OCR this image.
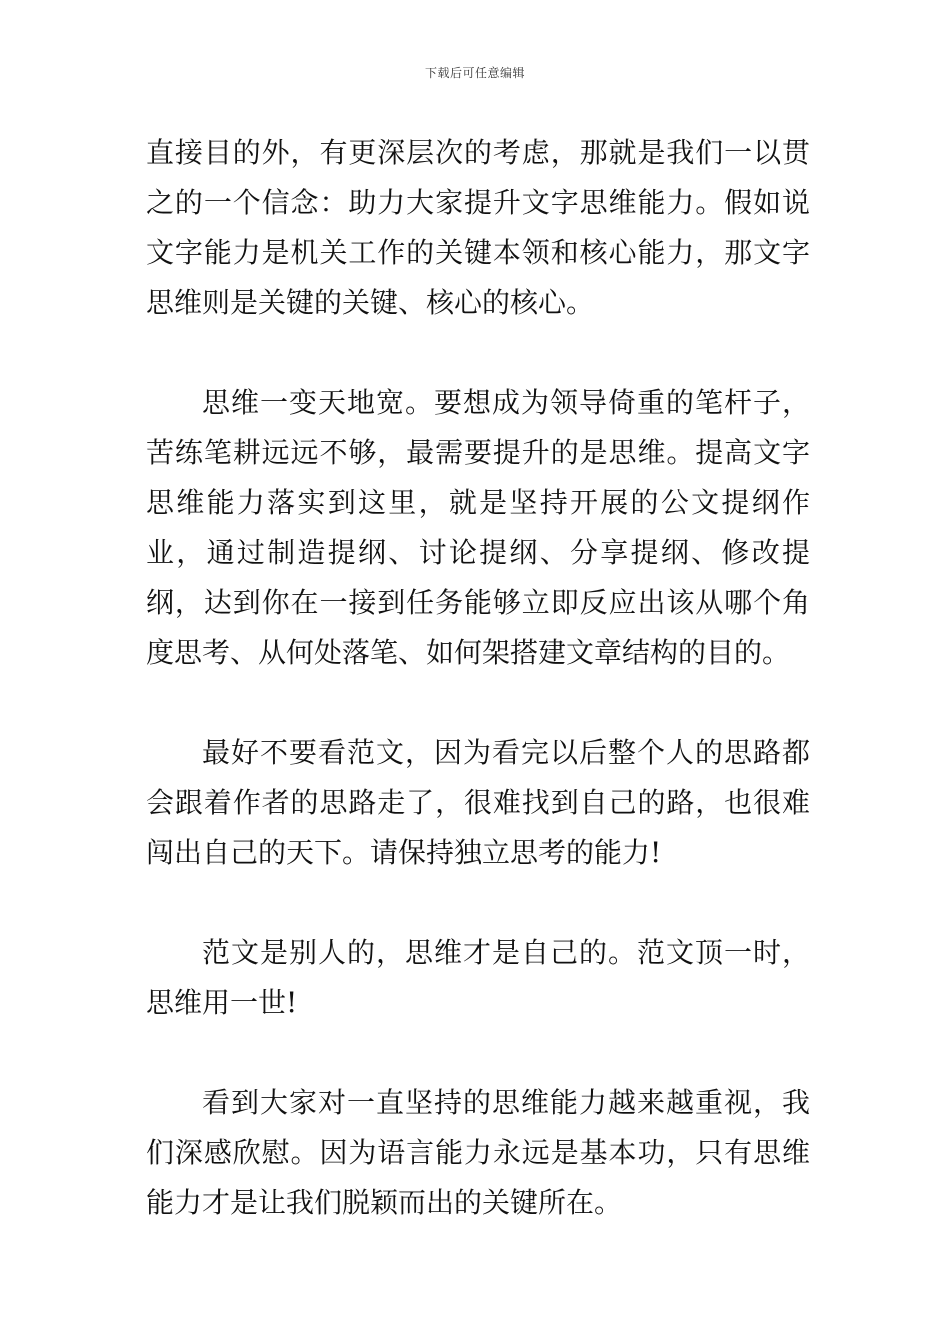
下载后可任意编辑

直接目的外，有更深层次的考虑，那就是我们一以贯之的一个信念：助力大家提升文字思维能力。假如说文字能力是机关工作的关键本领和核心能力，那文字思维则是关键的关键、核心的核心。

思维一变天地宽。要想成为领导倚重的笔杆子，苦练笔耕远远不够，最需要提升的是思维。提高文字思维能力落实到这里，就是坚持开展的公文提纲作业，通过制造提纲、讨论提纲、分享提纲、修改提纲，达到你在一接到任务能够立即反应出该从哪个角度思考、从何处落笔、如何架搭建文章结构的目的。

最好不要看范文，因为看完以后整个人的思路都会跟着作者的思路走了，很难找到自己的路，也很难闯出自己的天下。请保持独立思考的能力!

范文是别人的，思维才是自己的。范文顶一时，思维用一世!

看到大家对一直坚持的思维能力越来越重视，我们深感欣慰。因为语言能力永远是基本功，只有思维能力才是让我们脱颖而出的关键所在。
